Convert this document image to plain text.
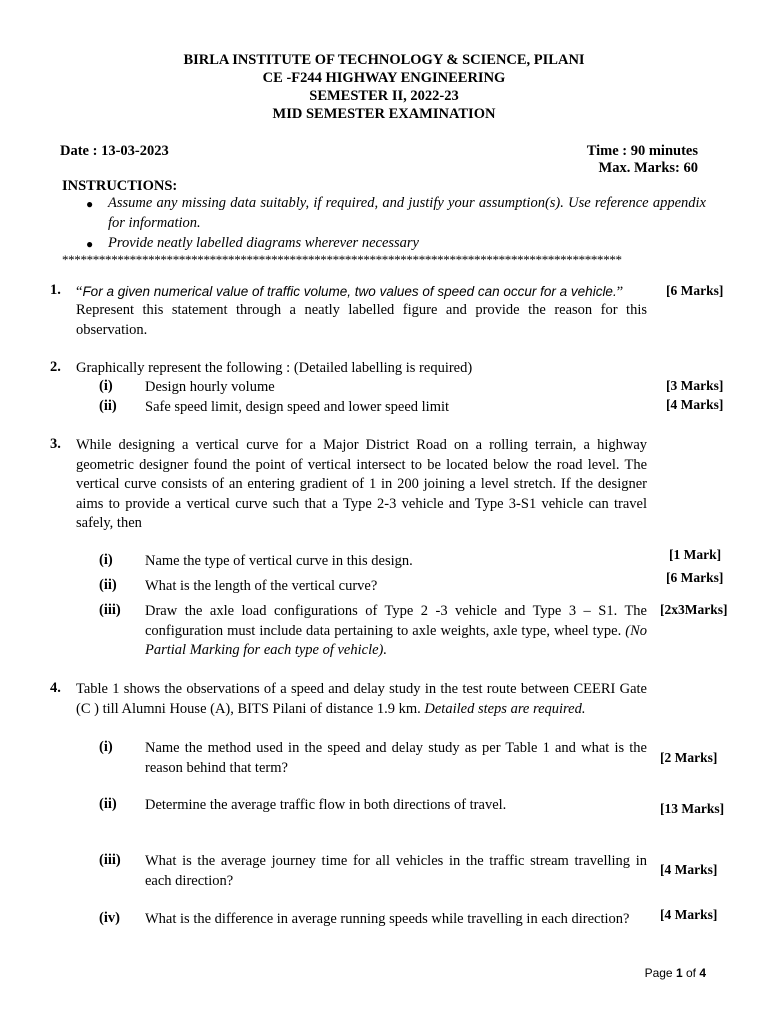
BIRLA INSTITUTE OF TECHNOLOGY & SCIENCE, PILANI
CE -F244 HIGHWAY ENGINEERING
SEMESTER II, 2022-23
MID SEMESTER EXAMINATION
Date : 13-03-2023	Time : 90 minutes
Max. Marks: 60
INSTRUCTIONS:
● Assume any missing data suitably, if required, and justify your assumption(s). Use reference appendix for information.
● Provide neatly labelled diagrams wherever necessary
*******************************************************************************************
1. “For a given numerical value of traffic volume, two values of speed can occur for a vehicle.”
Represent this statement through a neatly labelled figure and provide the reason for this observation.
[6 Marks]
2. Graphically represent the following : (Detailed labelling is required)
(i) Design hourly volume	[3 Marks]
(ii) Safe speed limit, design speed and lower speed limit	[4 Marks]
3. While designing a vertical curve for a Major District Road on a rolling terrain, a highway geometric designer found the point of vertical intersect to be located below the road level. The vertical curve consists of an entering gradient of 1 in 200 joining a level stretch. If the designer aims to provide a vertical curve such that a Type 2-3 vehicle and Type 3-S1 vehicle can travel safely, then
(i) Name the type of vertical curve in this design.	[1 Mark]
(ii) What is the length of the vertical curve?
[6 Marks]
(iii) Draw the axle load configurations of Type 2 -3 vehicle and Type 3 – S1. The configuration must include data pertaining to axle weights, axle type, wheel type. (No Partial Marking for each type of vehicle).
[2x3Marks]
4. Table 1 shows the observations of a speed and delay study in the test route between CEERI Gate (C ) till Alumni House (A), BITS Pilani of distance 1.9 km. Detailed steps are required.
(i) Name the method used in the speed and delay study as per Table 1 and what is the reason behind that term?
[2 Marks]
(ii) Determine the average traffic flow in both directions of travel.	[13 Marks]
(iii) What is the average journey time for all vehicles in the traffic stream travelling in each direction?
[4 Marks]
(iv) What is the difference in average running speeds while travelling in each direction?	[4 Marks]
Page 1 of 4
